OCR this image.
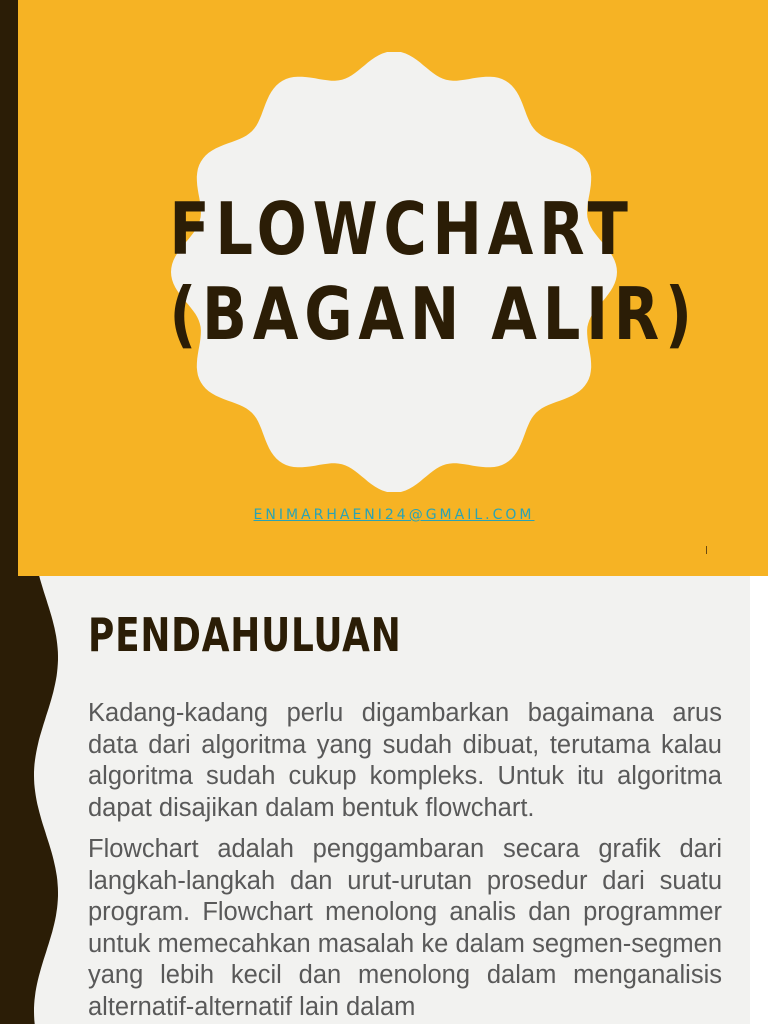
FLOWCHART
(BAGAN ALIR)
ENIMARHAENI24@GMAIL.COM
PENDAHULUAN

Kadang-kadang perlu digambarkan bagaimana arus data dari algoritma yang sudah dibuat, terutama kalau algoritma sudah cukup kompleks. Untuk itu algoritma dapat disajikan dalam bentuk flowchart.

Flowchart adalah penggambaran secara grafik dari langkah-langkah dan urut-urutan prosedur dari suatu program. Flowchart menolong analis dan programmer untuk memecahkan masalah ke dalam segmen-segmen yang lebih kecil dan menolong dalam menganalisis alternatif-alternatif lain dalam
